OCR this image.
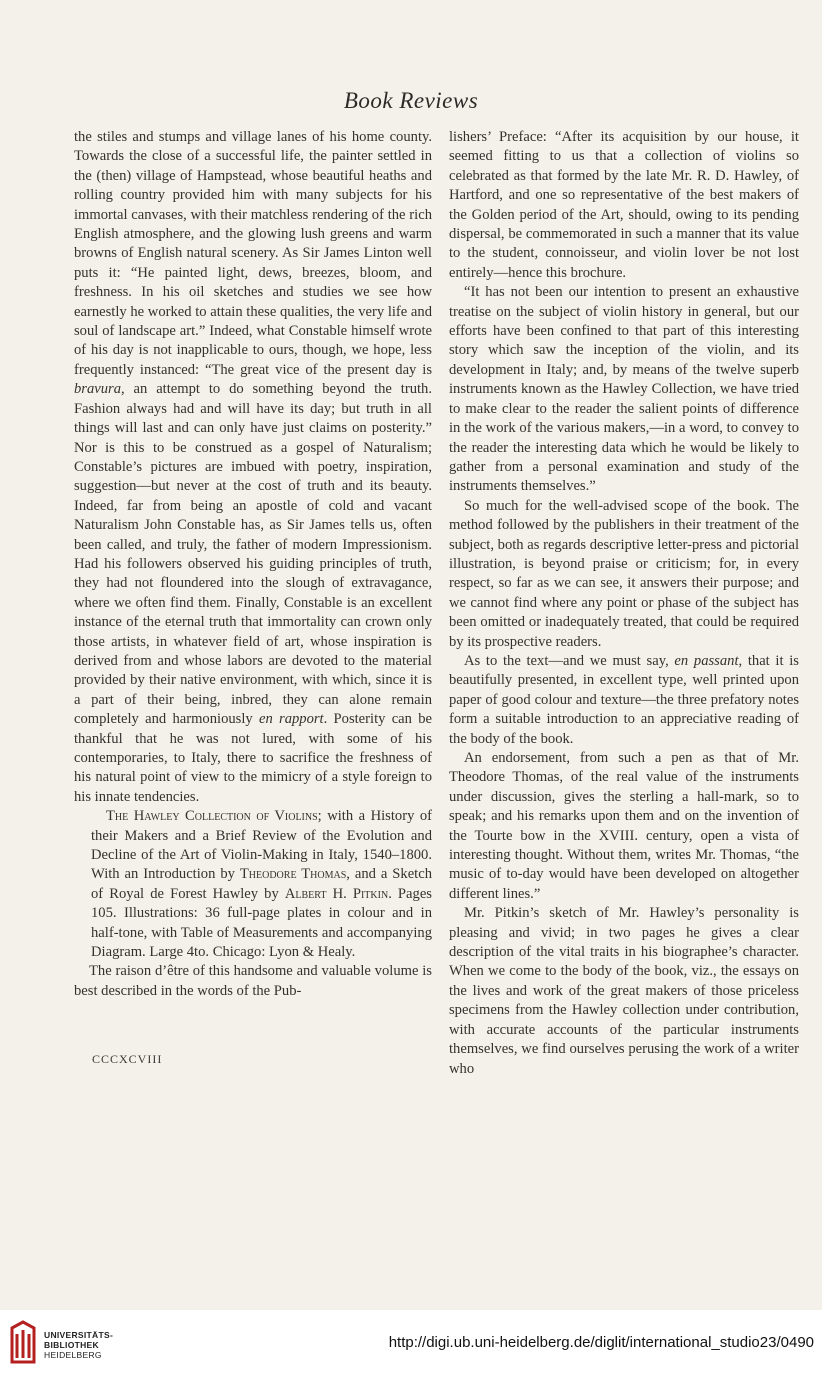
Book Reviews

the stiles and stumps and village lanes of his home county. Towards the close of a successful life, the painter settled in the (then) village of Hampstead, whose beautiful heaths and rolling country provided him with many subjects for his immortal canvases, with their matchless rendering of the rich English atmosphere, and the glowing lush greens and warm browns of English natural scenery. As Sir James Linton well puts it: “He painted light, dews, breezes, bloom, and freshness. In his oil sketches and studies we see how earnestly he worked to attain these qualities, the very life and soul of landscape art.” Indeed, what Constable himself wrote of his day is not inapplicable to ours, though, we hope, less frequently instanced: “The great vice of the present day is bravura, an attempt to do something beyond the truth. Fashion always had and will have its day; but truth in all things will last and can only have just claims on posterity.” Nor is this to be construed as a gospel of Naturalism; Constable’s pictures are imbued with poetry, inspiration, suggestion—but never at the cost of truth and its beauty. Indeed, far from being an apostle of cold and vacant Naturalism John Constable has, as Sir James tells us, often been called, and truly, the father of modern Impressionism. Had his followers observed his guiding principles of truth, they had not floundered into the slough of extravagance, where we often find them. Finally, Constable is an excellent instance of the eternal truth that immortality can crown only those artists, in whatever field of art, whose inspiration is derived from and whose labors are devoted to the material provided by their native environment, with which, since it is a part of their being, inbred, they can alone remain completely and harmoniously en rapport. Posterity can be thankful that he was not lured, with some of his contemporaries, to Italy, there to sacrifice the freshness of his natural point of view to the mimicry of a style foreign to his innate tendencies.

The Hawley Collection of Violins; with a History of their Makers and a Brief Review of the Evolution and Decline of the Art of Violin-Making in Italy, 1540–1800. With an Introduction by Theodore Thomas, and a Sketch of Royal de Forest Hawley by Albert H. Pitkin. Pages 105. Illustrations: 36 full-page plates in colour and in half-tone, with Table of Measurements and accompanying Diagram. Large 4to. Chicago: Lyon & Healy.

The raison d’être of this handsome and valuable volume is best described in the words of the Pub-

lishers’ Preface: “After its acquisition by our house, it seemed fitting to us that a collection of violins so celebrated as that formed by the late Mr. R. D. Hawley, of Hartford, and one so representative of the best makers of the Golden period of the Art, should, owing to its pending dispersal, be commemorated in such a manner that its value to the student, connoisseur, and violin lover be not lost entirely—hence this brochure.

“It has not been our intention to present an exhaustive treatise on the subject of violin history in general, but our efforts have been confined to that part of this interesting story which saw the inception of the violin, and its development in Italy; and, by means of the twelve superb instruments known as the Hawley Collection, we have tried to make clear to the reader the salient points of difference in the work of the various makers,—in a word, to convey to the reader the interesting data which he would be likely to gather from a personal examination and study of the instruments themselves.”

So much for the well-advised scope of the book. The method followed by the publishers in their treatment of the subject, both as regards descriptive letter-press and pictorial illustration, is beyond praise or criticism; for, in every respect, so far as we can see, it answers their purpose; and we cannot find where any point or phase of the subject has been omitted or inadequately treated, that could be required by its prospective readers.

As to the text—and we must say, en passant, that it is beautifully presented, in excellent type, well printed upon paper of good colour and texture—the three prefatory notes form a suitable introduction to an appreciative reading of the body of the book.

An endorsement, from such a pen as that of Mr. Theodore Thomas, of the real value of the instruments under discussion, gives the sterling a hall-mark, so to speak; and his remarks upon them and on the invention of the Tourte bow in the XVIII. century, open a vista of interesting thought. Without them, writes Mr. Thomas, “the music of to-day would have been developed on altogether different lines.”

Mr. Pitkin’s sketch of Mr. Hawley’s personality is pleasing and vivid; in two pages he gives a clear description of the vital traits in his biographee’s character. When we come to the body of the book, viz., the essays on the lives and work of the great makers of those priceless specimens from the Hawley collection under contribution, with accurate accounts of the particular instruments themselves, we find ourselves perusing the work of a writer who

CCCXCVIII
UNIVERSITÄTS-
BIBLIOTHEK
HEIDELBERG
http://digi.ub.uni-heidelberg.de/diglit/international_studio23/0490
